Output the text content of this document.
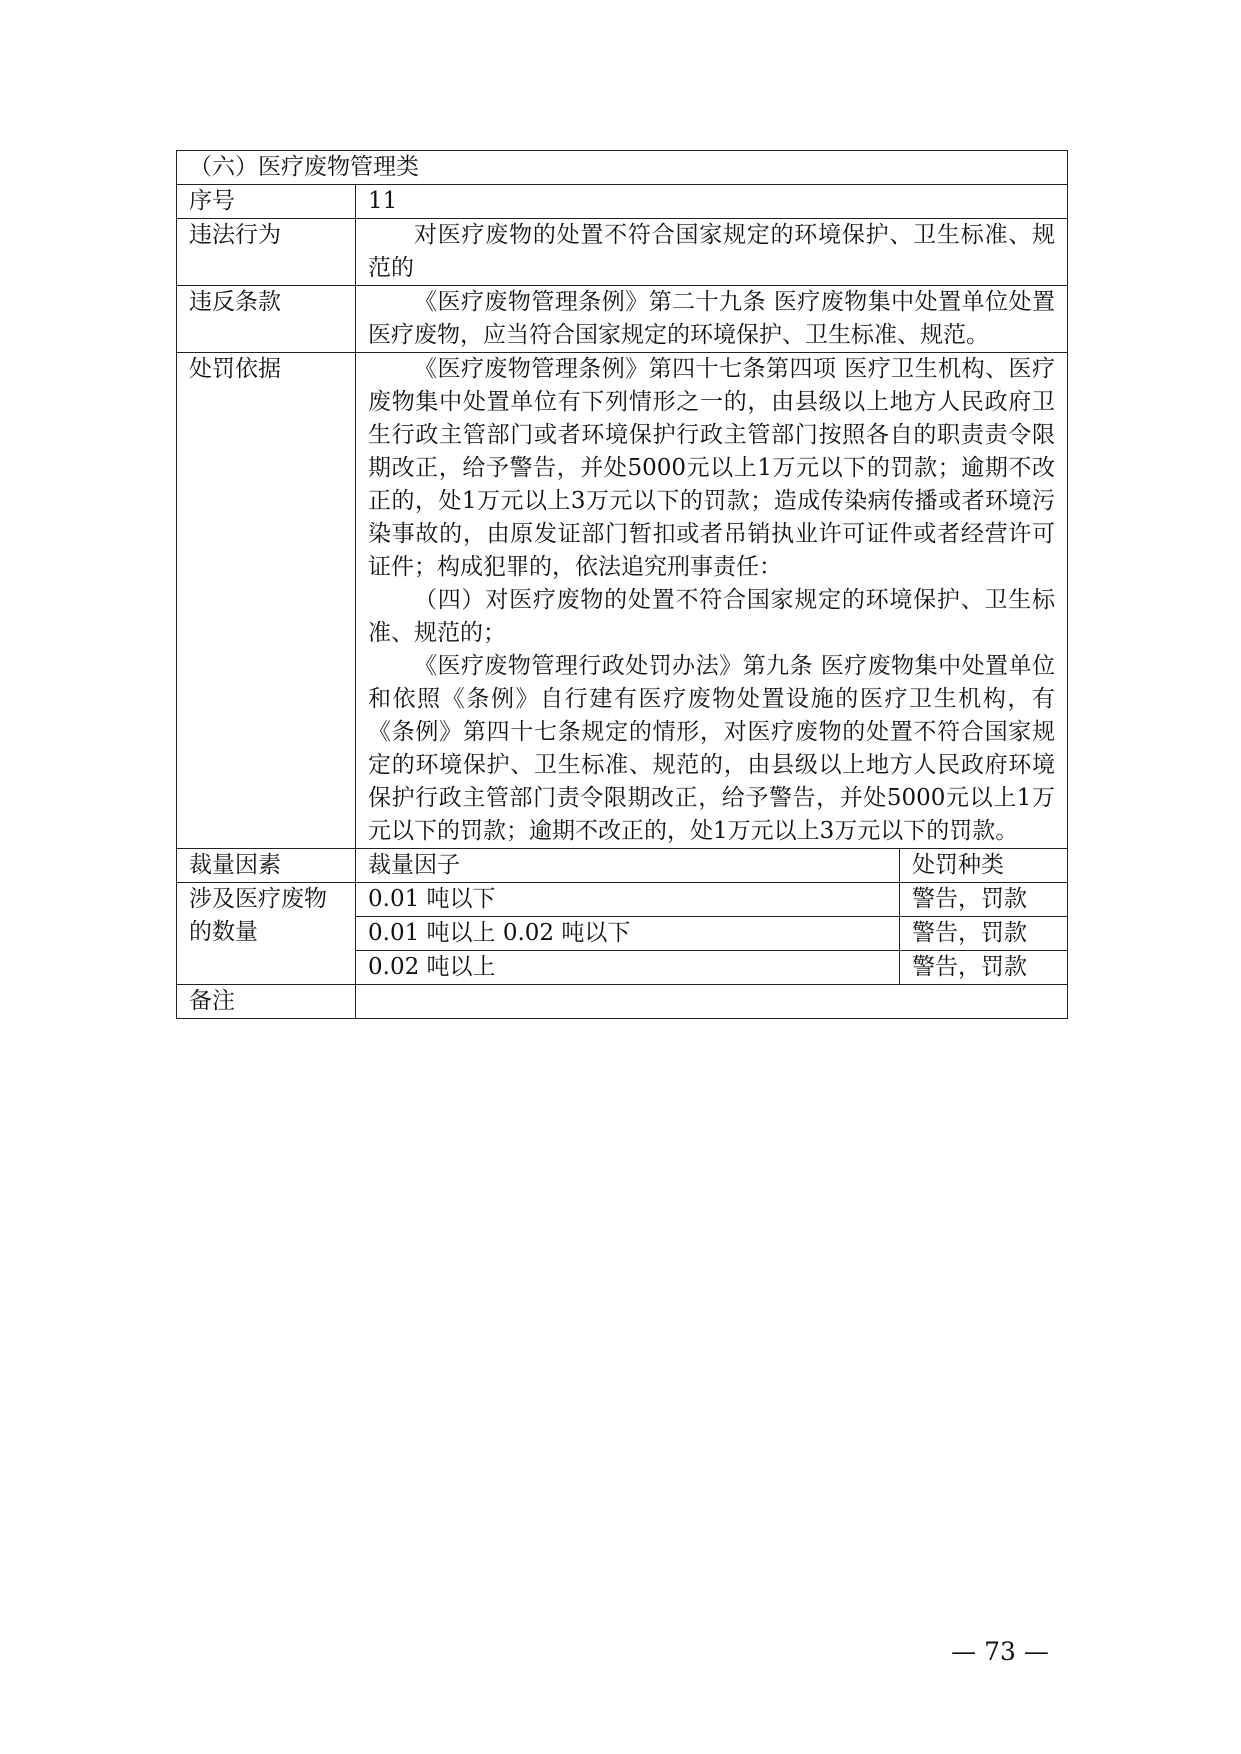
（六）医疗废物管理类		
序号	11	
违法行为	对医疗废物的处置不符合国家规定的环境保护、卫生标准、规范的	

违反条款	《医疗废物管理条例》第二十九条 医疗废物集中处置单位处置医疗废物，应当符合国家规定的环境保护、卫生标准、规范。	

处罚依据	《医疗废物管理条例》第四十七条第四项 医疗卫生机构、医疗废物集中处置单位有下列情形之一的，由县级以上地方人民政府卫生行政主管部门或者环境保护行政主管部门按照各自的职责责令限期改正，给予警告，并处5000元以上1万元以下的罚款；逾期不改正的，处1万元以上3万元以下的罚款；造成传染病传播或者环境污染事故的，由原发证部门暂扣或者吊销执业许可证件或者经营许可证件；构成犯罪的，依法追究刑事责任：

（四）对医疗废物的处置不符合国家规定的环境保护、卫生标准、规范的；

《医疗废物管理行政处罚办法》第九条 医疗废物集中处置单位和依照《条例》自行建有医疗废物处置设施的医疗卫生机构，有《条例》第四十七条规定的情形，对医疗废物的处置不符合国家规定的环境保护、卫生标准、规范的，由县级以上地方人民政府环境保护行政主管部门责令限期改正，给予警告，并处5000元以上1万元以下的罚款；逾期不改正的，处1万元以上3万元以下的罚款。	

裁量因素	裁量因子	处罚种类
涉及医疗废物的数量	0.01 吨以下	警告，罚款
	0.01 吨以上 0.02 吨以下	警告，罚款
	0.02 吨以上	警告，罚款
备注		
— 73 —
